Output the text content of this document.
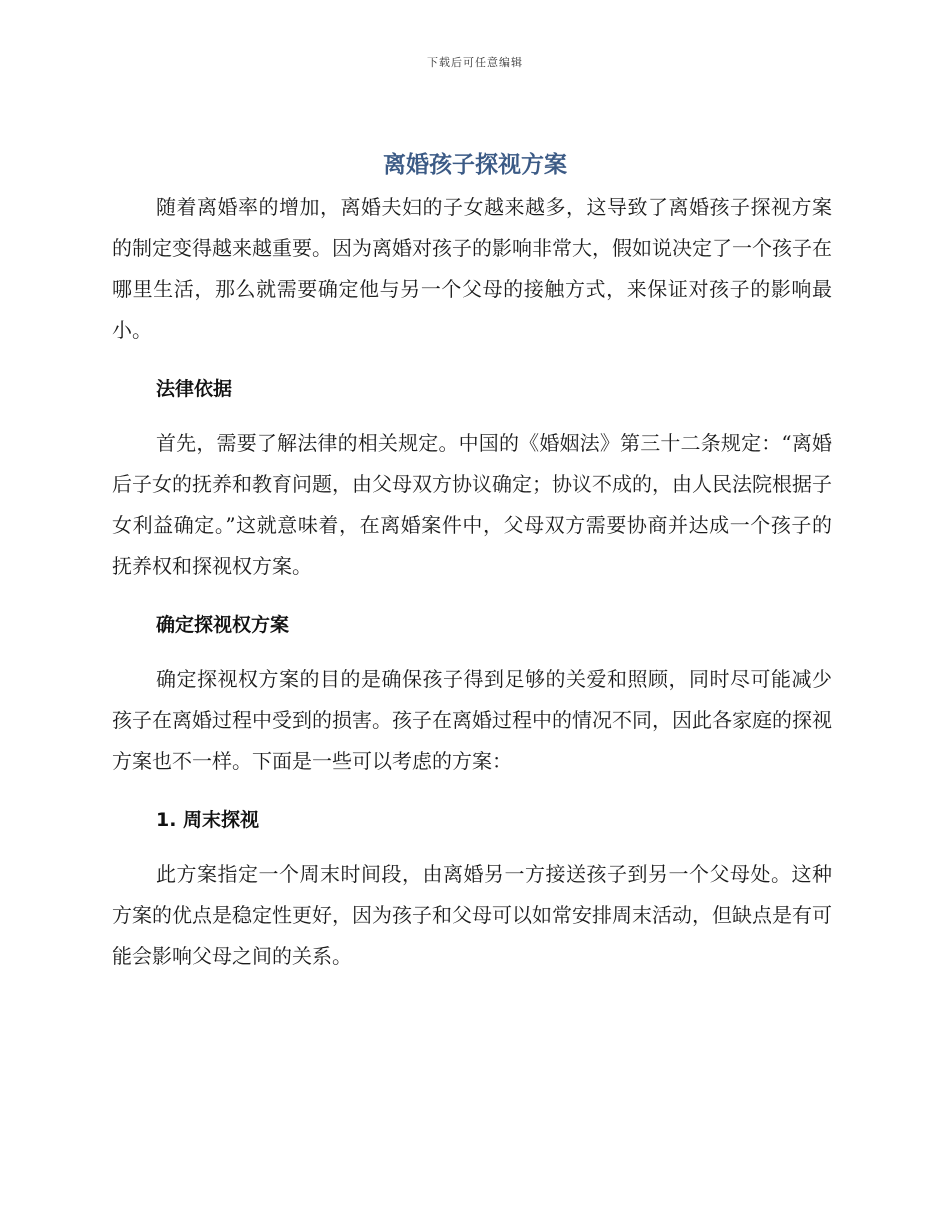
下载后可任意编辑
离婚孩子探视方案

随着离婚率的增加，离婚夫妇的子女越来越多，这导致了离婚孩子探视方案的制定变得越来越重要。因为离婚对孩子的影响非常大，假如说决定了一个孩子在哪里生活，那么就需要确定他与另一个父母的接触方式，来保证对孩子的影响最小。

法律依据

首先，需要了解法律的相关规定。中国的《婚姻法》第三十二条规定：“离婚后子女的抚养和教育问题，由父母双方协议确定；协议不成的，由人民法院根据子女利益确定。”这就意味着，在离婚案件中，父母双方需要协商并达成一个孩子的抚养权和探视权方案。

确定探视权方案

确定探视权方案的目的是确保孩子得到足够的关爱和照顾，同时尽可能减少孩子在离婚过程中受到的损害。孩子在离婚过程中的情况不同，因此各家庭的探视方案也不一样。下面是一些可以考虑的方案：

1. 周末探视

此方案指定一个周末时间段，由离婚另一方接送孩子到另一个父母处。这种方案的优点是稳定性更好，因为孩子和父母可以如常安排周末活动，但缺点是有可能会影响父母之间的关系。
